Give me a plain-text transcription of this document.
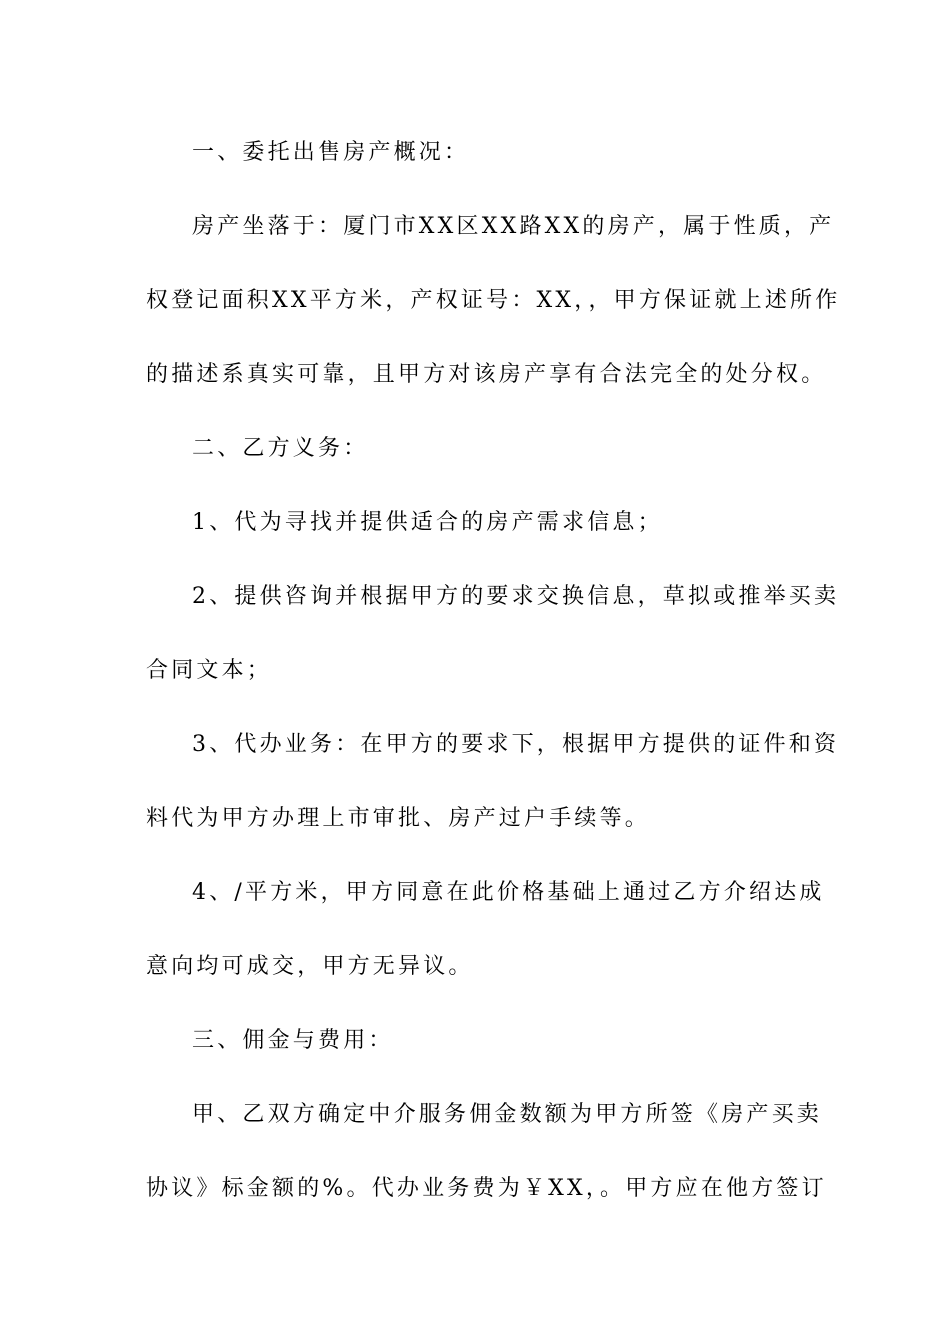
一、委托出售房产概况：
房产坐落于：厦门市XX区XX路XX的房产，属于性质，产
权登记面积XX平方米，产权证号：XX，，甲方保证就上述所作
的描述系真实可靠，且甲方对该房产享有合法完全的处分权。
二、乙方义务：
1、代为寻找并提供适合的房产需求信息；
2、提供咨询并根据甲方的要求交换信息，草拟或推举买卖
合同文本；
3、代办业务：在甲方的要求下，根据甲方提供的证件和资
料代为甲方办理上市审批、房产过户手续等。
4、/平方米，甲方同意在此价格基础上通过乙方介绍达成
意向均可成交，甲方无异议。
三、佣金与费用：
甲、乙双方确定中介服务佣金数额为甲方所签《房产买卖
协议》标金额的%。代办业务费为￥XX，。甲方应在他方签订
